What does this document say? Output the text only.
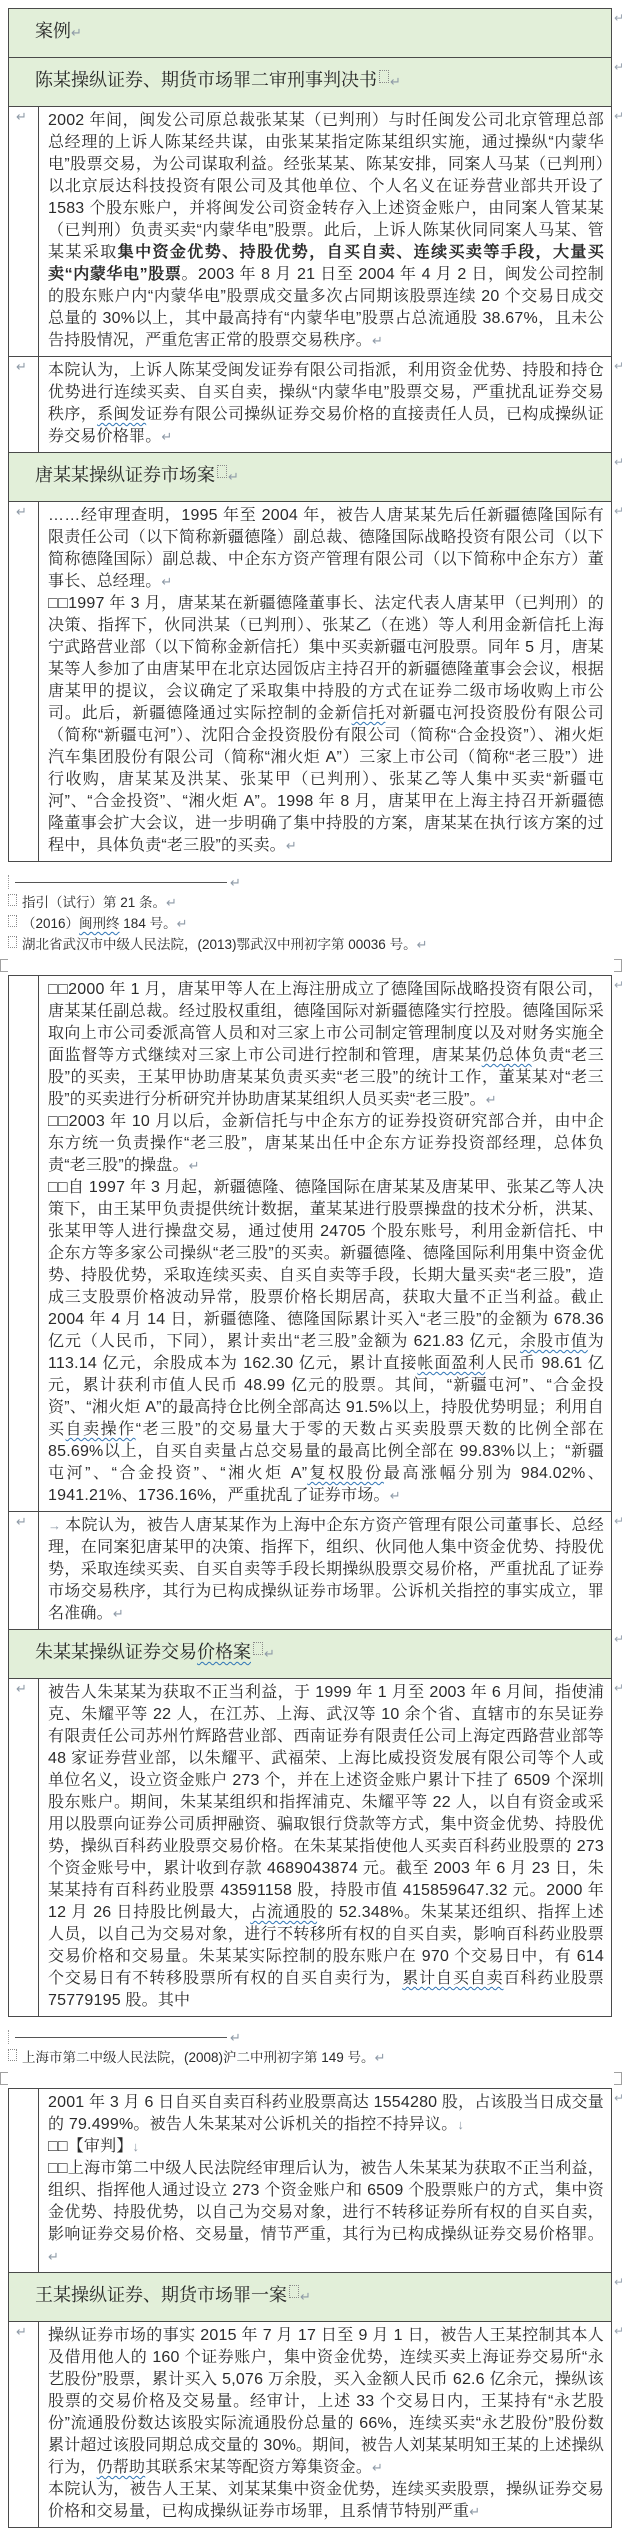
案例↵
↵
陈某操纵证券、期货市场罪二审刑事判决书 ↵
↵
↵	2002 年间，闽发公司原总裁张某某（已判刑）与时任闽发公司北京管理总部总经理的上诉人陈某经共谋，由张某某指定陈某组织实施，通过操纵“内蒙华电”股票交易，为公司谋取利益。经张某某、陈某安排，同案人马某（已判刑）以北京辰达科技投资有限公司及其他单位、个人名义在证券营业部共开设了 1583 个股东账户，并将闽发公司资金转存入上述资金账户，由同案人管某某（已判刑）负责买卖“内蒙华电”股票。此后，上诉人陈某伙同同案人马某、管某某采取集中资金优势、持股优势，自买自卖、连续买卖等手段，大量买卖“内蒙华电”股票。2003 年 8 月 21 日至 2004 年 4 月 2 日，闽发公司控制的股东账户内“内蒙华电”股票成交量多次占同期该股票连续 20 个交易日成交总量的 30%以上，其中最高持有“内蒙华电”股票占总流通股 38.67%，且未公告持股情况，严重危害正常的股票交易秩序。↵
↵
↵	本院认为，上诉人陈某受闽发证券有限公司指派，利用资金优势、持股和持仓优势进行连续买卖、自买自卖，操纵“内蒙华电”股票交易，严重扰乱证券交易秩序，系闽发证券有限公司操纵证券交易价格的直接责任人员，已构成操纵证券交易价格罪。↵
↵
唐某某操纵证券市场案 ↵
↵
↵	……经审理查明，1995 年至 2004 年，被告人唐某某先后任新疆德隆国际有限责任公司（以下简称新疆德隆）副总裁、德隆国际战略投资有限公司（以下简称德隆国际）副总裁、中企东方资产管理有限公司（以下简称中企东方）董事长、总经理。↵
□□1997 年 3 月，唐某某在新疆德隆董事长、法定代表人唐某甲（已判刑）的决策、指挥下，伙同洪某（已判刑）、张某乙（在逃）等人利用金新信托上海宁武路营业部（以下简称金新信托）集中买卖新疆屯河股票。同年 5 月，唐某某等人参加了由唐某甲在北京达园饭店主持召开的新疆德隆董事会会议，根据唐某甲的提议，会议确定了采取集中持股的方式在证券二级市场收购上市公司。此后，新疆德隆通过实际控制的金新信托对新疆屯河投资股份有限公司（简称“新疆屯河”）、沈阳合金投资股份有限公司（简称“合金投资”）、湘火炬汽车集团股份有限公司（简称“湘火炬 A”）三家上市公司（简称“老三股”）进行收购，唐某某及洪某、张某甲（已判刑）、张某乙等人集中买卖“新疆屯河”、“合金投资”、“湘火炬 A”。1998 年 8 月，唐某甲在上海主持召开新疆德隆董事会扩大会议，进一步明确了集中持股的方案，唐某某在执行该方案的过程中，具体负责“老三股”的买卖。↵
↵
↵
指引（试行）第 21 条。↵
（2016）闽刑终 184 号。↵
湖北省武汉市中级人民法院，(2013)鄂武汉中刑初字第 00036 号。↵
□□2000 年 1 月，唐某甲等人在上海注册成立了德隆国际战略投资有限公司，唐某某任副总裁。经过股权重组，德隆国际对新疆德隆实行控股。德隆国际采取向上市公司委派高管人员和对三家上市公司制定管理制度以及对财务实施全面监督等方式继续对三家上市公司进行控制和管理，唐某某仍总体负责“老三股”的买卖，王某甲协助唐某某负责买卖“老三股”的统计工作，董某某对“老三股”的买卖进行分析研究并协助唐某某组织人员买卖“老三股”。↵
□□2003 年 10 月以后，金新信托与中企东方的证券投资研究部合并，由中企东方统一负责操作“老三股”，唐某某出任中企东方证券投资部经理，总体负责“老三股”的操盘。↵
□□自 1997 年 3 月起，新疆德隆、德隆国际在唐某某及唐某甲、张某乙等人决策下，由王某甲负责提供统计数据，董某某进行股票操盘的技术分析，洪某、张某甲等人进行操盘交易，通过使用 24705 个股东账号，利用金新信托、中企东方等多家公司操纵“老三股”的买卖。新疆德隆、德隆国际利用集中资金优势、持股优势，采取连续买卖、自买自卖等手段，长期大量买卖“老三股”，造成三支股票价格波动异常，股票价格长期居高，获取大量不正当利益。截止 2004 年 4 月 14 日，新疆德隆、德隆国际累计买入“老三股”的金额为 678.36 亿元（人民币，下同），累计卖出“老三股”金额为 621.83 亿元，余股市值为 113.14 亿元，余股成本为 162.30 亿元，累计直接帐面盈利人民币 98.61 亿元，累计获利市值人民币 48.99 亿元的股票。其间，“新疆屯河”、“合金投资”、“湘火炬 A”的最高持仓比例全部高达 91.5%以上，持股优势明显；利用自买自卖操作“老三股”的交易量大于零的天数占买卖股票天数的比例全部在 85.69%以上，自买自卖量占总交易量的最高比例全部在 99.83%以上；“新疆屯河”、“合金投资”、“湘火炬 A”复权股份最高涨幅分别为 984.02%、1941.21%、1736.16%，严重扰乱了证券市场。↵
↵
↵	→ 本院认为，被告人唐某某作为上海中企东方资产管理有限公司董事长、总经理，在同案犯唐某甲的决策、指挥下，组织、伙同他人集中资金优势、持股优势，采取连续买卖、自买自卖等手段长期操纵股票交易价格，严重扰乱了证券市场交易秩序，其行为已构成操纵证券市场罪。公诉机关指控的事实成立，罪名准确。↵
↵
朱某某操纵证券交易价格案 ↵
↵
↵	被告人朱某某为获取不正当利益，于 1999 年 1 月至 2003 年 6 月间，指使浦克、朱耀平等 22 人，在江苏、上海、武汉等 10 余个省、直辖市的东吴证券有限责任公司苏州竹辉路营业部、西南证券有限责任公司上海定西路营业部等 48 家证券营业部，以朱耀平、武福荣、上海比威投资发展有限公司等个人或单位名义，设立资金账户 273 个，并在上述资金账户累计下挂了 6509 个深圳股东账户。期间，朱某某组织和指挥浦克、朱耀平等 22 人，以自有资金或采用以股票向证券公司质押融资、骗取银行贷款等方式，集中资金优势、持股优势，操纵百科药业股票交易价格。在朱某某指使他人买卖百科药业股票的 273 个资金账号中，累计收到存款 4689043874 元。截至 2003 年 6 月 23 日，朱某某持有百科药业股票 43591158 股，持股市值 415859647.32 元。2000 年 12 月 26 日持股比例最大，占流通股的 52.348%。朱某某还组织、指挥上述人员，以自己为交易对象，进行不转移所有权的自买自卖，影响百科药业股票交易价格和交易量。朱某某实际控制的股东账户在 970 个交易日中，有 614 个交易日有不转移股票所有权的自买自卖行为，累计自买自卖百科药业股票 75779195 股。其中
↵
↵
上海市第二中级人民法院，(2008)沪二中刑初字第 149 号。↵
2001 年 3 月 6 日自买自卖百科药业股票高达 1554280 股，占该股当日成交量的 79.499%。被告人朱某某对公诉机关的指控不持异议。↓
□□【审判】↓
□□上海市第二中级人民法院经审理后认为，被告人朱某某为获取不正当利益，组织、指挥他人通过设立 273 个资金账户和 6509 个股票账户的方式，集中资金优势、持股优势，以自己为交易对象，进行不转移证券所有权的自买自卖，影响证券交易价格、交易量，情节严重，其行为已构成操纵证券交易价格罪。↵
↵
王某操纵证券、期货市场罪一案 ↵
↵
↵	操纵证券市场的事实 2015 年 7 月 17 日至 9 月 1 日，被告人王某控制其本人及借用他人的 160 个证券账户，集中资金优势，连续买卖上海证券交易所“永艺股份”股票，累计买入 5,076 万余股，买入金额人民币 62.6 亿余元，操纵该股票的交易价格及交易量。经审计，上述 33 个交易日内，王某持有“永艺股份”流通股份数达该股实际流通股份总量的 66%，连续买卖“永艺股份”股份数累计超过该股同期总成交量的 30%。期间，被告人刘某某明知王某的上述操纵行为，仍帮助其联系宋某等配资方筹集资金。↵
本院认为，被告人王某、刘某某集中资金优势，连续买卖股票，操纵证券交易价格和交易量，已构成操纵证券市场罪，且系情节特别严重↵
↵
